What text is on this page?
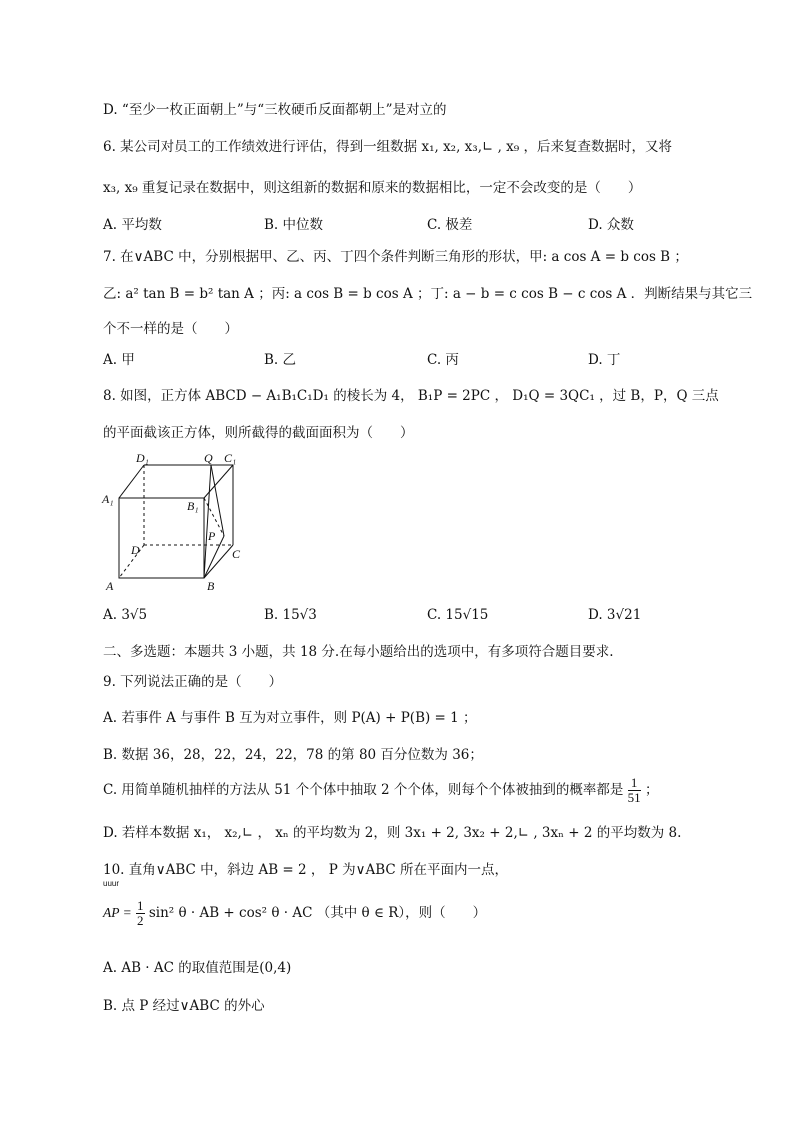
D. “至少一枚正面朝上”与“三枚硬币反面都朝上”是对立的
6. 某公司对员工的工作绩效进行评估，得到一组数据 x₁, x₂, x₃,∟ , x₉ ，后来复查数据时，又将
x₃, x₉ 重复记录在数据中，则这组新的数据和原来的数据相比，一定不会改变的是（　　）
A. 平均数	B. 中位数	C. 极差	D. 众数
7. 在∨ABC 中，分别根据甲、乙、丙、丁四个条件判断三角形的形状，甲: a cos A = b cos B ；
乙: a² tan B = b² tan A ；丙: a cos B = b cos A ；丁: a − b = c cos B − c cos A ．判断结果与其它三
个不一样的是（　　）
A. 甲	B. 乙	C. 丙	D. 丁
8. 如图，正方体 ABCD − A₁B₁C₁D₁ 的棱长为 4， B₁P = 2PC ， D₁Q = 3QC₁ ，过 B，P，Q 三点
的平面截该正方体，则所截得的截面面积为（　　）
D₁	Q C₁
A₁	B₁
P
D	C
A	B
A. 3√5	B. 15√3	C. 15√15	D. 3√21
二、多选题：本题共 3 小题，共 18 分.在每小题给出的选项中，有多项符合题目要求.
9. 下列说法正确的是（　　）
A. 若事件 A 与事件 B 互为对立事件，则 P(A) + P(B) = 1 ；
B. 数据 36，28，22，24，22，78 的第 80 百分位数为 36；
C. 用简单随机抽样的方法从 51 个个体中抽取 2 个个体，则每个个体被抽到的概率都是 $\frac{1}{51}$ ；
D. 若样本数据 x₁， x₂,∟ ， xₙ 的平均数为 2，则 3x₁ + 2, 3x₂ + 2,∟ , 3xₙ + 2 的平均数为 8.
10. 直角∨ABC 中，斜边 AB = 2 ， P 为∨ABC 所在平面内一点，
uuur
AP = $\frac{1}{2} \sin^2$ θ · AB + cos² θ · AC （其中 θ ∈ R），则（　　）
A. AB · AC 的取值范围是(0,4)
B. 点 P 经过∨ABC 的外心
